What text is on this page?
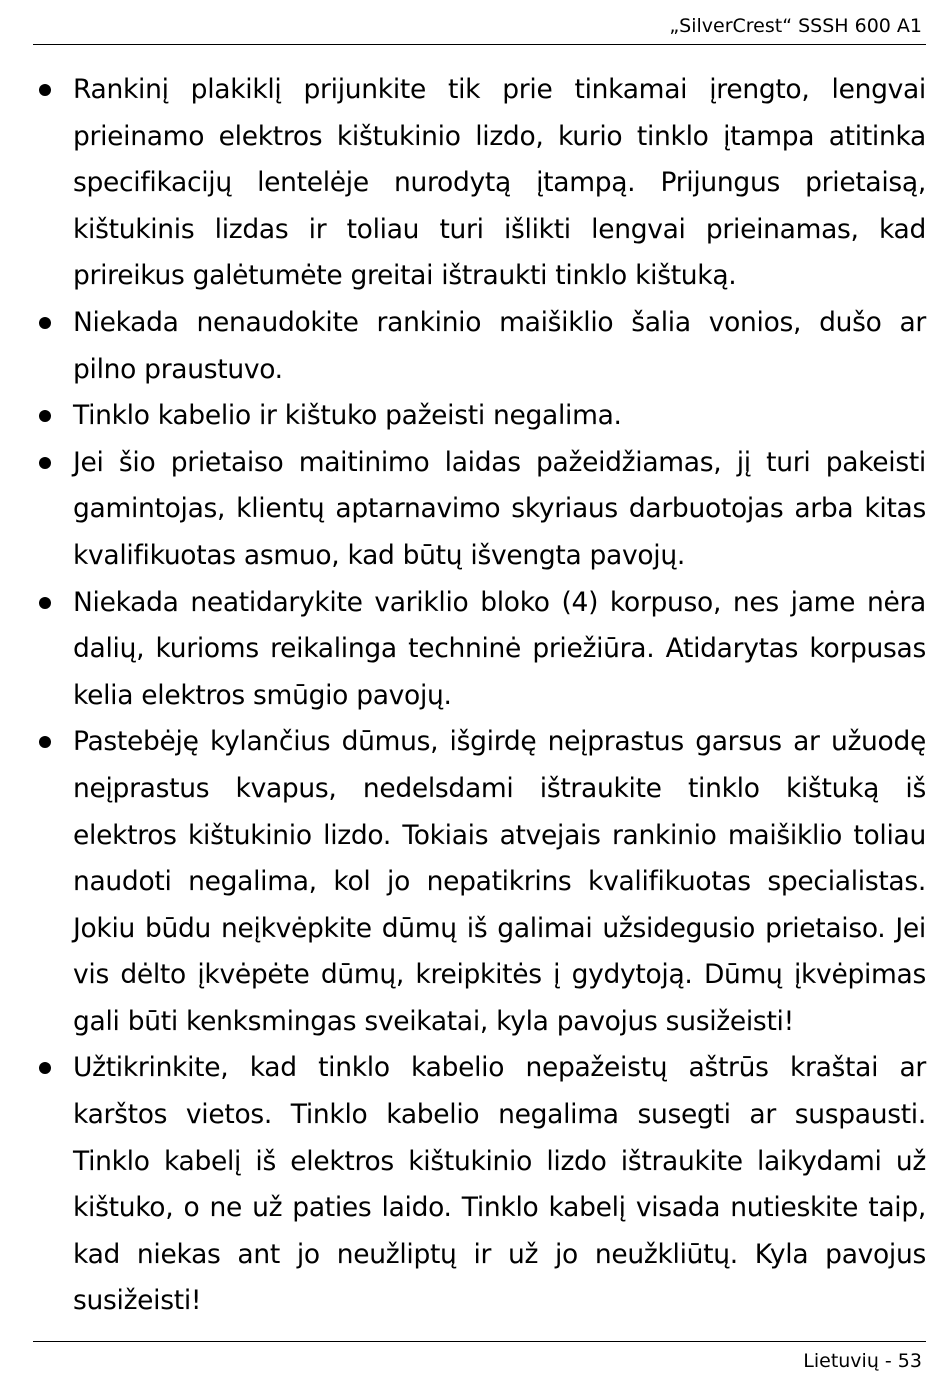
„SilverCrest“ SSSH 600 A1
Rankinį plakiklį prijunkite tik prie tinkamai įrengto, lengvai prieinamo elektros kištukinio lizdo, kurio tinklo įtampa atitinka specifikacijų lentelėje nurodytą įtampą. Prijungus prietaisą, kištukinis lizdas ir toliau turi išlikti lengvai prieinamas, kad prireikus galėtumėte greitai ištraukti tinklo kištuką.
Niekada nenaudokite rankinio maišiklio šalia vonios, dušo ar pilno praustuvo.
Tinklo kabelio ir kištuko pažeisti negalima.
Jei šio prietaiso maitinimo laidas pažeidžiamas, jį turi pakeisti gamintojas, klientų aptarnavimo skyriaus darbuotojas arba kitas kvalifikuotas asmuo, kad būtų išvengta pavojų.
Niekada neatidarykite variklio bloko (4) korpuso, nes jame nėra dalių, kurioms reikalinga techninė priežiūra. Atidarytas korpusas kelia elektros smūgio pavojų.
Pastebėję kylančius dūmus, išgirdę neįprastus garsus ar užuodę neįprastus kvapus, nedelsdami ištraukite tinklo kištuką iš elektros kištukinio lizdo. Tokiais atvejais rankinio maišiklio toliau naudoti negalima, kol jo nepatikrins kvalifikuotas specialistas. Jokiu būdu neįkvėpkite dūmų iš galimai užsidegusio prietaiso. Jei vis dėlto įkvėpėte dūmų, kreipkitės į gydytoją. Dūmų įkvėpimas gali būti kenksmingas sveikatai, kyla pavojus susižeisti!
Užtikrinkite, kad tinklo kabelio nepažeistų aštrūs kraštai ar karštos vietos. Tinklo kabelio negalima susegti ar suspausti. Tinklo kabelį iš elektros kištukinio lizdo ištraukite laikydami už kištuko, o ne už paties laido. Tinklo kabelį visada nutieskite taip, kad niekas ant jo neužliptų ir už jo neužkliūtų. Kyla pavojus susižeisti!
Lietuvių - 53
